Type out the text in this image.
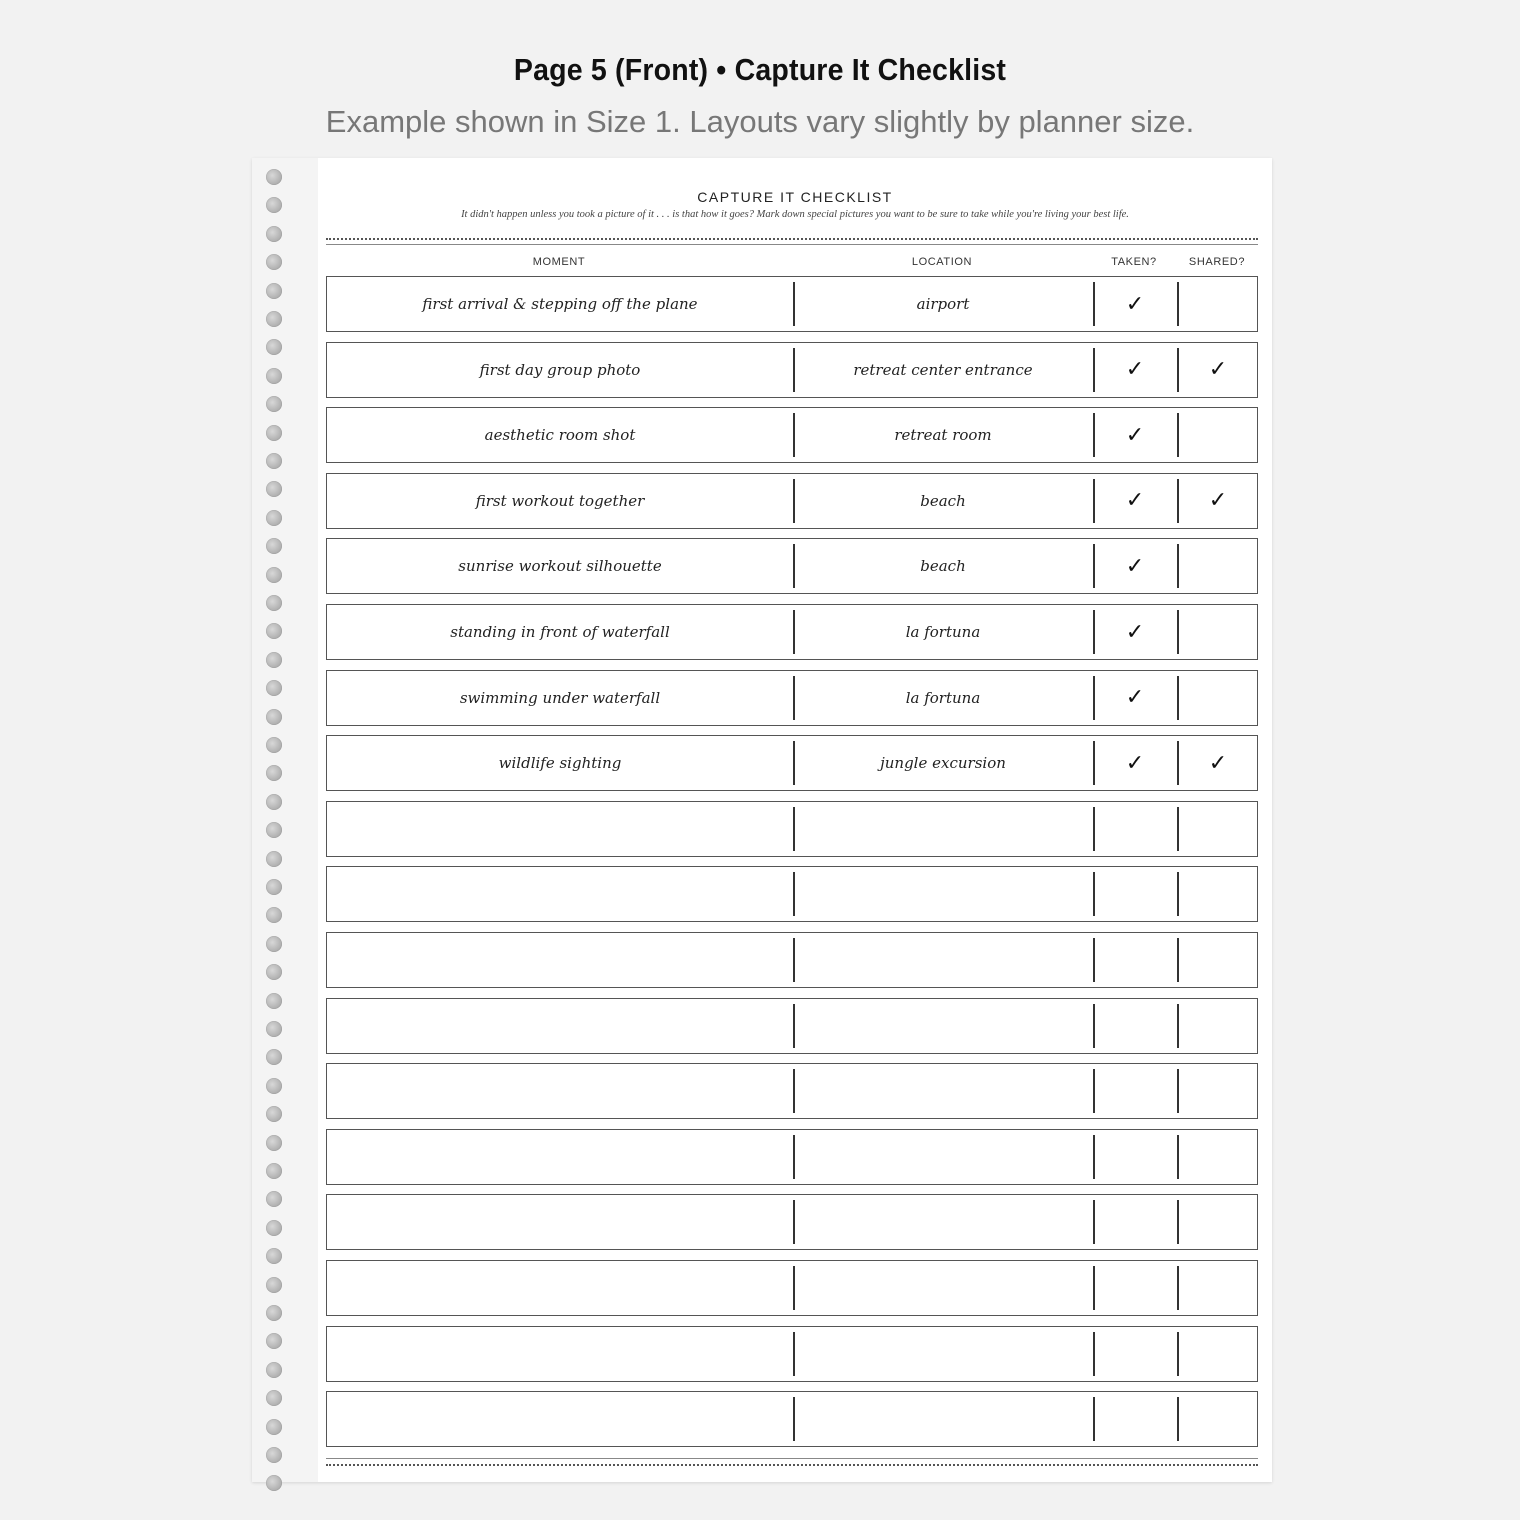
Page 5 (Front) • Capture It Checklist
Example shown in Size 1. Layouts vary slightly by planner size.
CAPTURE IT CHECKLIST
It didn't happen unless you took a picture of it . . . is that how it goes? Mark down special pictures you want to be sure to take while you're living your best life.
MOMENT	LOCATION	TAKEN?	SHARED?
first arrival & stepping off the plane	airport	✓
first day group photo	retreat center entrance	✓	✓
aesthetic room shot	retreat room	✓
first workout together	beach	✓	✓
sunrise workout silhouette	beach	✓
standing in front of waterfall	la fortuna	✓
swimming under waterfall	la fortuna	✓
wildlife sighting	jungle excursion	✓	✓
